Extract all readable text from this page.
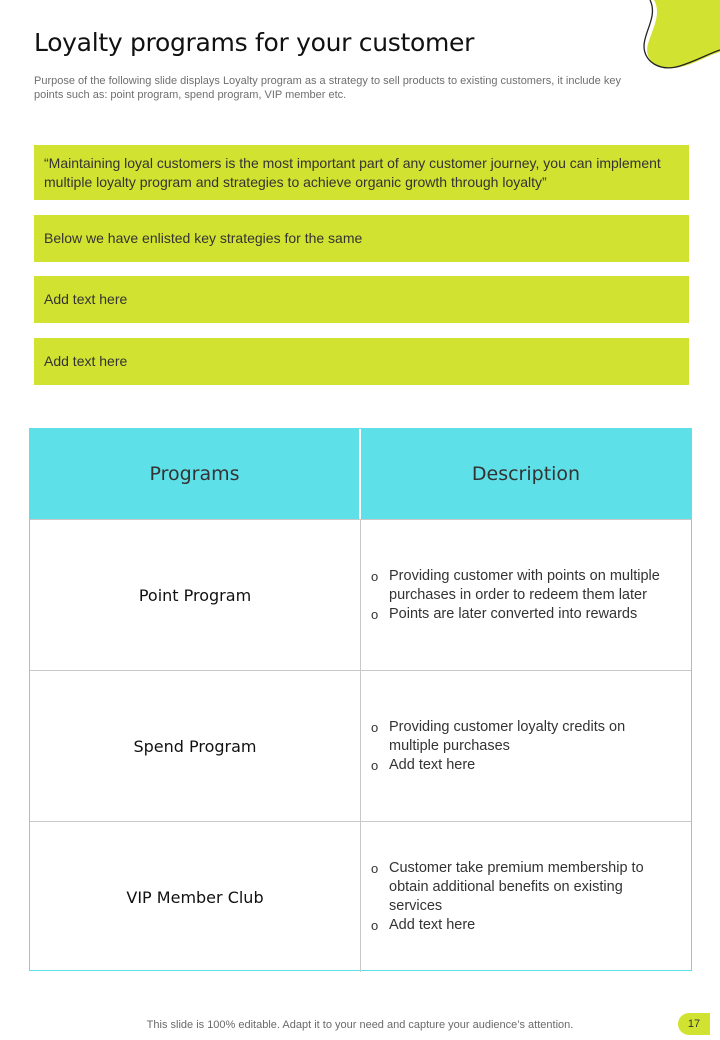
Loyalty programs for your customer
Purpose of the following slide displays Loyalty program as a strategy to sell products to existing customers, it include key points such as: point program, spend program, VIP member etc.
“Maintaining loyal customers is the most important part of any customer journey, you can implement multiple loyalty program and strategies to achieve organic growth through loyalty”
Below we have enlisted key strategies for the same
Add text here
Add text here
Programs	Description
Point Program
o Providing customer with points on multiple purchases in order to redeem them later
o Points are later converted into rewards
Spend Program
o Providing customer loyalty credits on multiple purchases
o Add text here
VIP Member Club
o Customer take premium membership to obtain additional benefits on existing services
o Add text here
This slide is 100% editable. Adapt it to your need and capture your audience’s attention.	17
